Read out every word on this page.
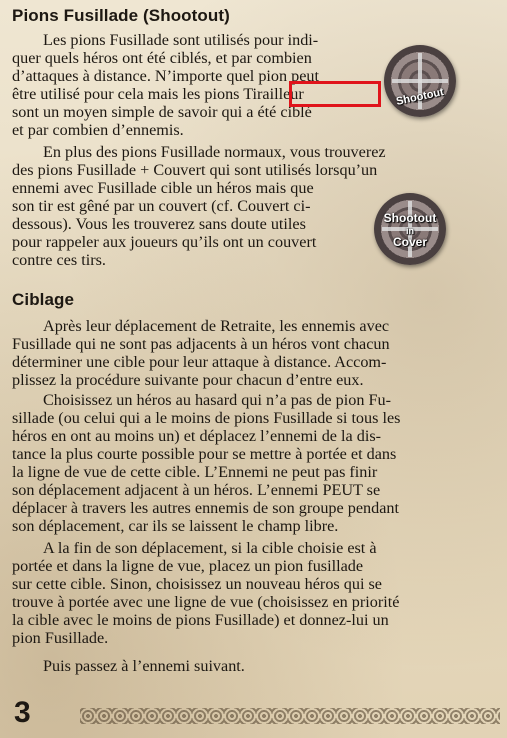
Pions Fusillade (Shootout)
Les pions Fusillade sont utilisés pour indi-
quer quels héros ont été ciblés, et par combien
d’attaques à distance. N’importe quel pion peut
être utilisé pour cela mais les pions Tirailleur
sont un moyen simple de savoir qui a été ciblé
et par combien d’ennemis.
En plus des pions Fusillade normaux, vous trouverez
des pions Fusillade + Couvert qui sont utilisés lorsqu’un
ennemi avec Fusillade cible un héros mais que
son tir est gêné par un couvert (cf. Couvert ci-
dessous). Vous les trouverez sans doute utiles
pour rappeler aux joueurs qu’ils ont un couvert
contre ces tirs.
Shootout
Shootout
in
Cover
Ciblage
Après leur déplacement de Retraite, les ennemis avec
Fusillade qui ne sont pas adjacents à un héros vont chacun
déterminer une cible pour leur attaque à distance. Accom-
plissez la procédure suivante pour chacun d’entre eux.
Choisissez un héros au hasard qui n’a pas de pion Fu-
sillade (ou celui qui a le moins de pions Fusillade si tous les
héros en ont au moins un) et déplacez l’ennemi de la dis-
tance la plus courte possible pour se mettre à portée et dans
la ligne de vue de cette cible. L’Ennemi ne peut pas finir
son déplacement adjacent à un héros. L’ennemi PEUT se
déplacer à travers les autres ennemis de son groupe pendant
son déplacement, car ils se laissent le champ libre.
A la fin de son déplacement, si la cible choisie est à
portée et dans la ligne de vue, placez un pion fusillade
sur cette cible. Sinon, choisissez un nouveau héros qui se
trouve à portée avec une ligne de vue (choisissez en priorité
la cible avec le moins de pions Fusillade) et donnez-lui un
pion Fusillade.
Puis passez à l’ennemi suivant.
3
